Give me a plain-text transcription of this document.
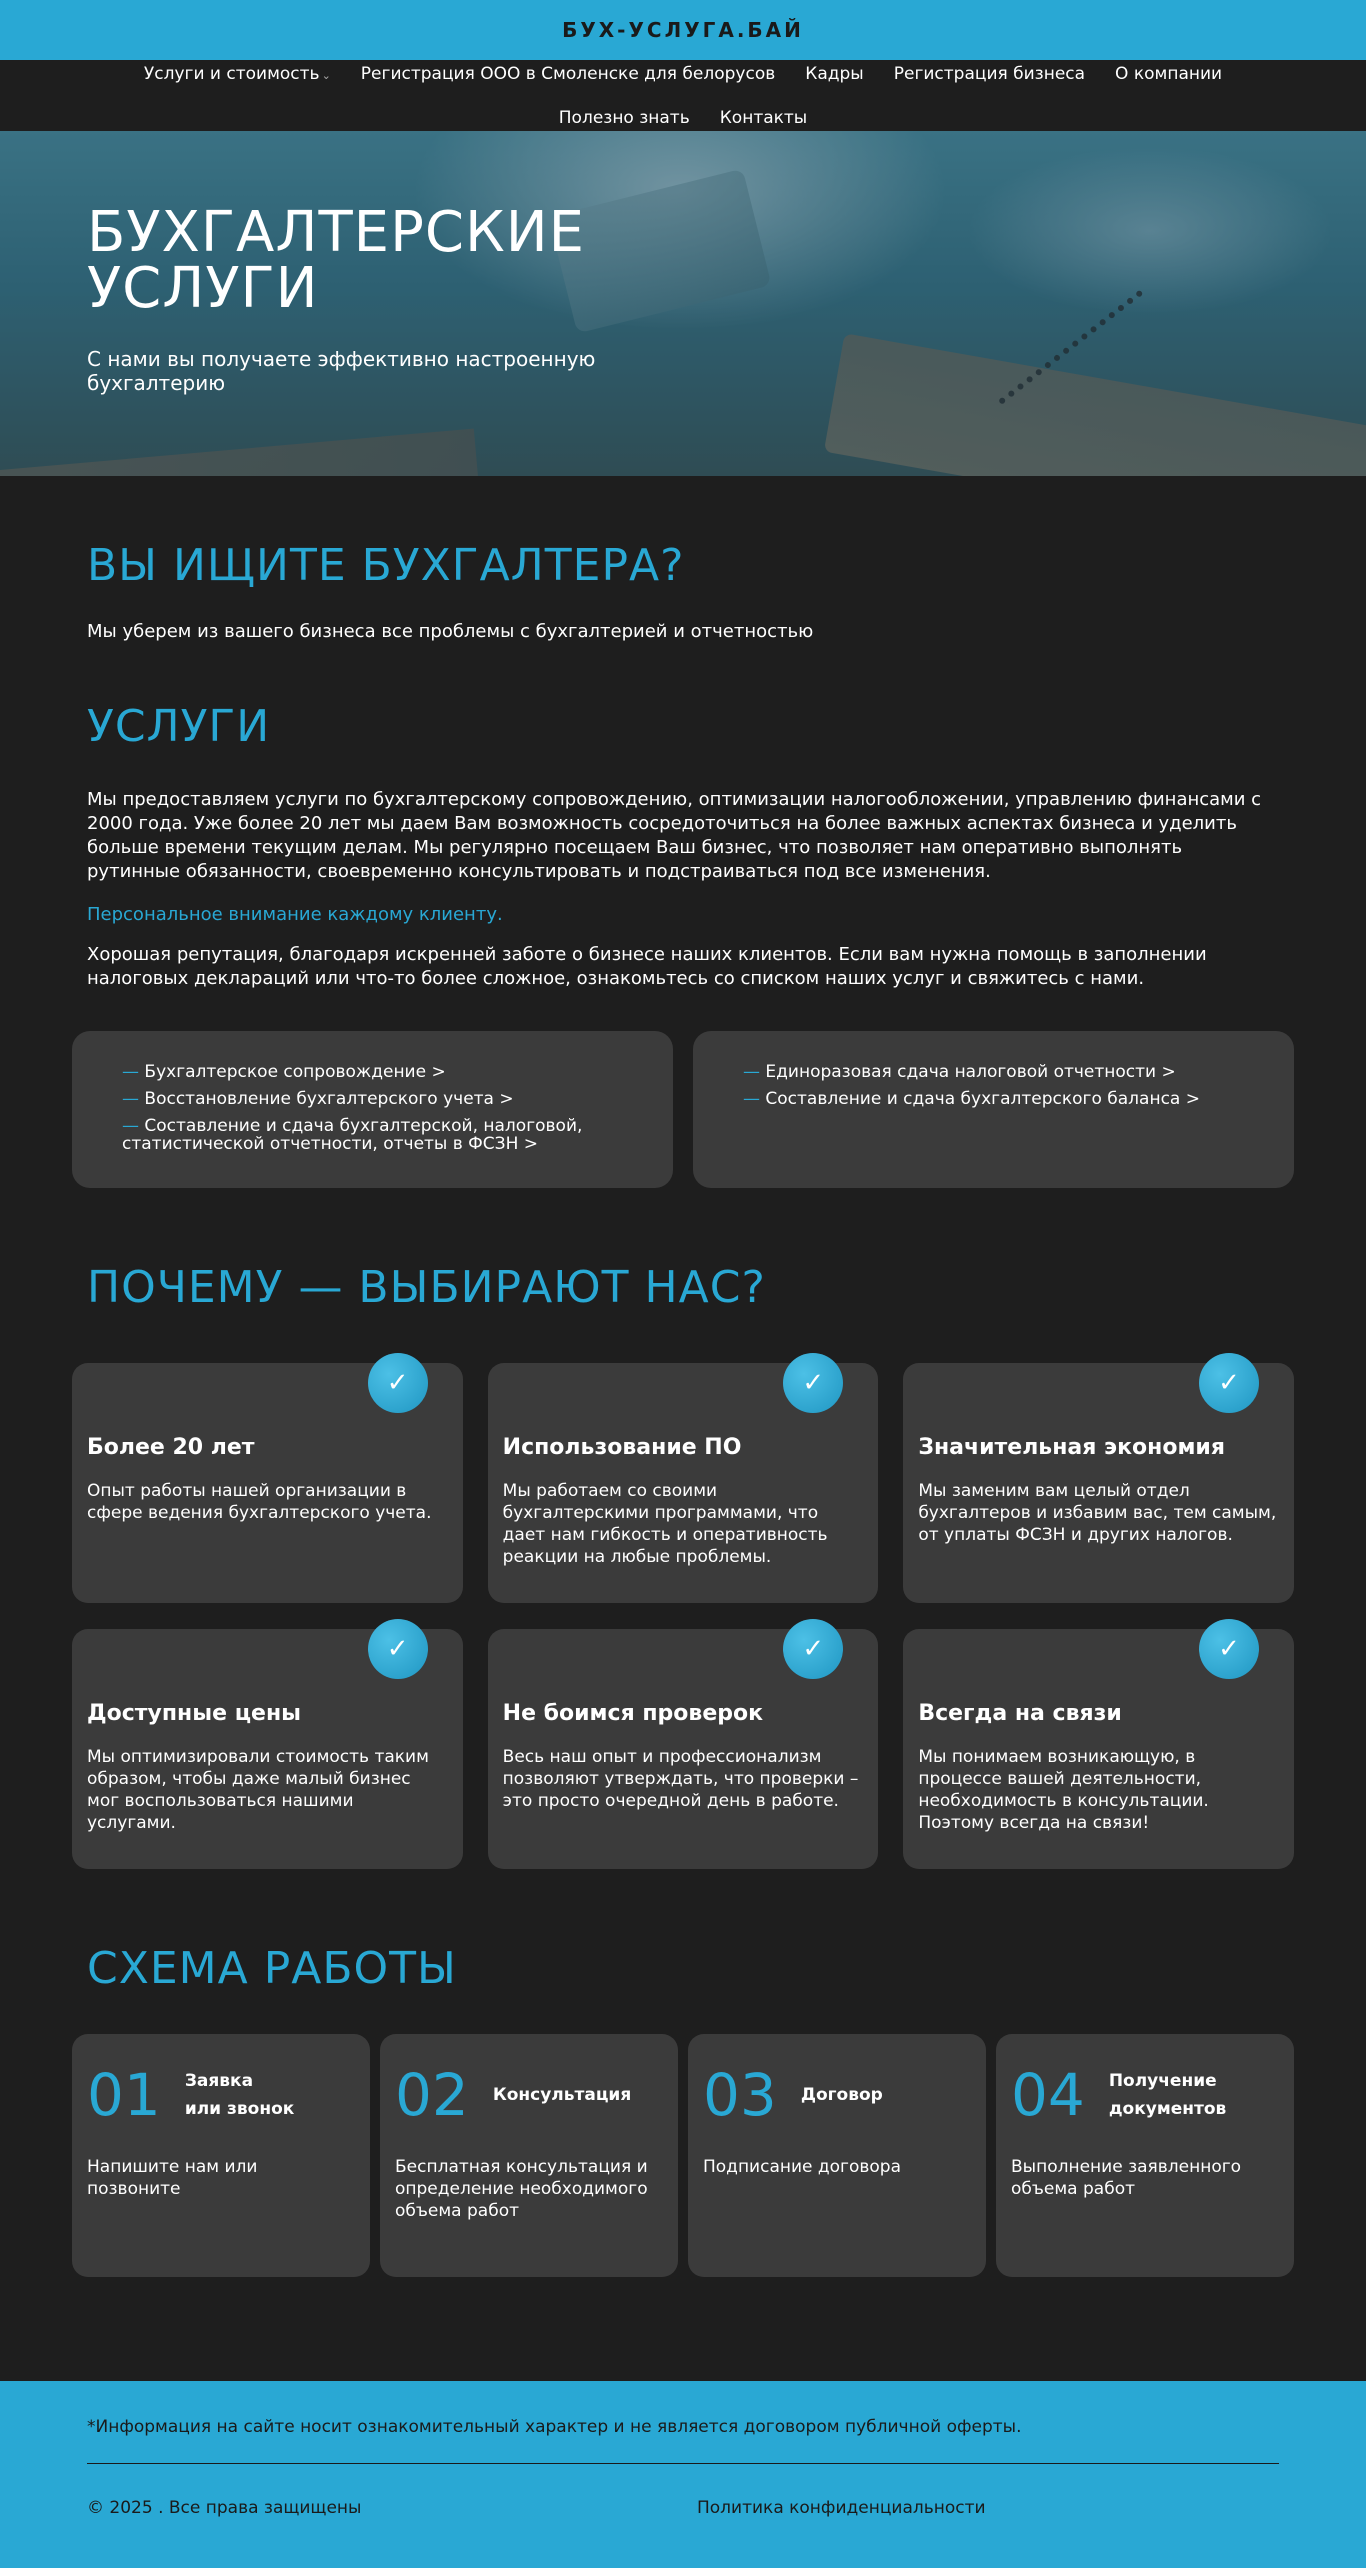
БУХ-УСЛУГА.БАЙ
Услуги и стоимость ⌄	Регистрация ООО в Смоленске для белорусов	Кадры	Регистрация бизнеса	О компании
Полезно знать	Контакты
БУХГАЛТЕРСКИЕ
УСЛУГИ

С нами вы получаете эффективно настроенную бухгалтерию

ВЫ ИЩИТЕ БУХГАЛТЕРА?

Мы уберем из вашего бизнеса все проблемы с бухгалтерией и отчетностью

УСЛУГИ

Мы предоставляем услуги по бухгалтерскому сопровождению, оптимизации налогообложении, управлению финансами с 2000 года. Уже более 20 лет мы даем Вам возможность сосредоточиться на более важных аспектах бизнеса и уделить больше времени текущим делам. Мы регулярно посещаем Ваш бизнес, что позволяет нам оперативно выполнять рутинные обязанности, своевременно консультировать и подстраиваться под все изменения.

Персональное внимание каждому клиенту.

Хорошая репутация, благодаря искренней заботе о бизнесе наших клиентов. Если вам нужна помощь в заполнении налоговых деклараций или что-то более сложное, ознакомьтесь со списком наших услуг и свяжитесь с нами.

— Бухгалтерское сопровождение >
— Восстановление бухгалтерского учета >
— Составление и сдача бухгалтерской, налоговой, статистической отчетности, отчеты в ФСЗН >
— Единоразовая сдача налоговой отчетности >
— Составление и сдача бухгалтерского баланса >
ПОЧЕМУ — ВЫБИРАЮТ НАС?
✓
Более 20 лет
Опыт работы нашей организации в сфере ведения бухгалтерского учета.
✓
Использование ПО
Мы работаем со своими бухгалтерскими программами, что дает нам гибкость и оперативность реакции на любые проблемы.
✓
Значительная экономия
Мы заменим вам целый отдел бухгалтеров и избавим вас, тем самым, от уплаты ФСЗН и других налогов.
✓
Доступные цены
Мы оптимизировали стоимость таким образом, чтобы даже малый бизнес мог воспользоваться нашими услугами.
✓
Не боимся проверок
Весь наш опыт и профессионализм позволяют утверждать, что проверки – это просто очередной день в работе.
✓
Всегда на связи
Мы понимаем возникающую, в процессе вашей деятельности, необходимость в консультации. Поэтому всегда на связи!
СХЕМА РАБОТЫ
01 Заявка
или звонок
Напишите нам или позвоните
02 Консультация
Бесплатная консультация и определение необходимого объема работ
03 Договор
Подписание договора
04 Получение
документов
Выполнение заявленного объема работ

*Информация на сайте носит ознакомительный характер и не является договором публичной оферты.

© 2025 . Все права защищены	Политика конфиденциальности
